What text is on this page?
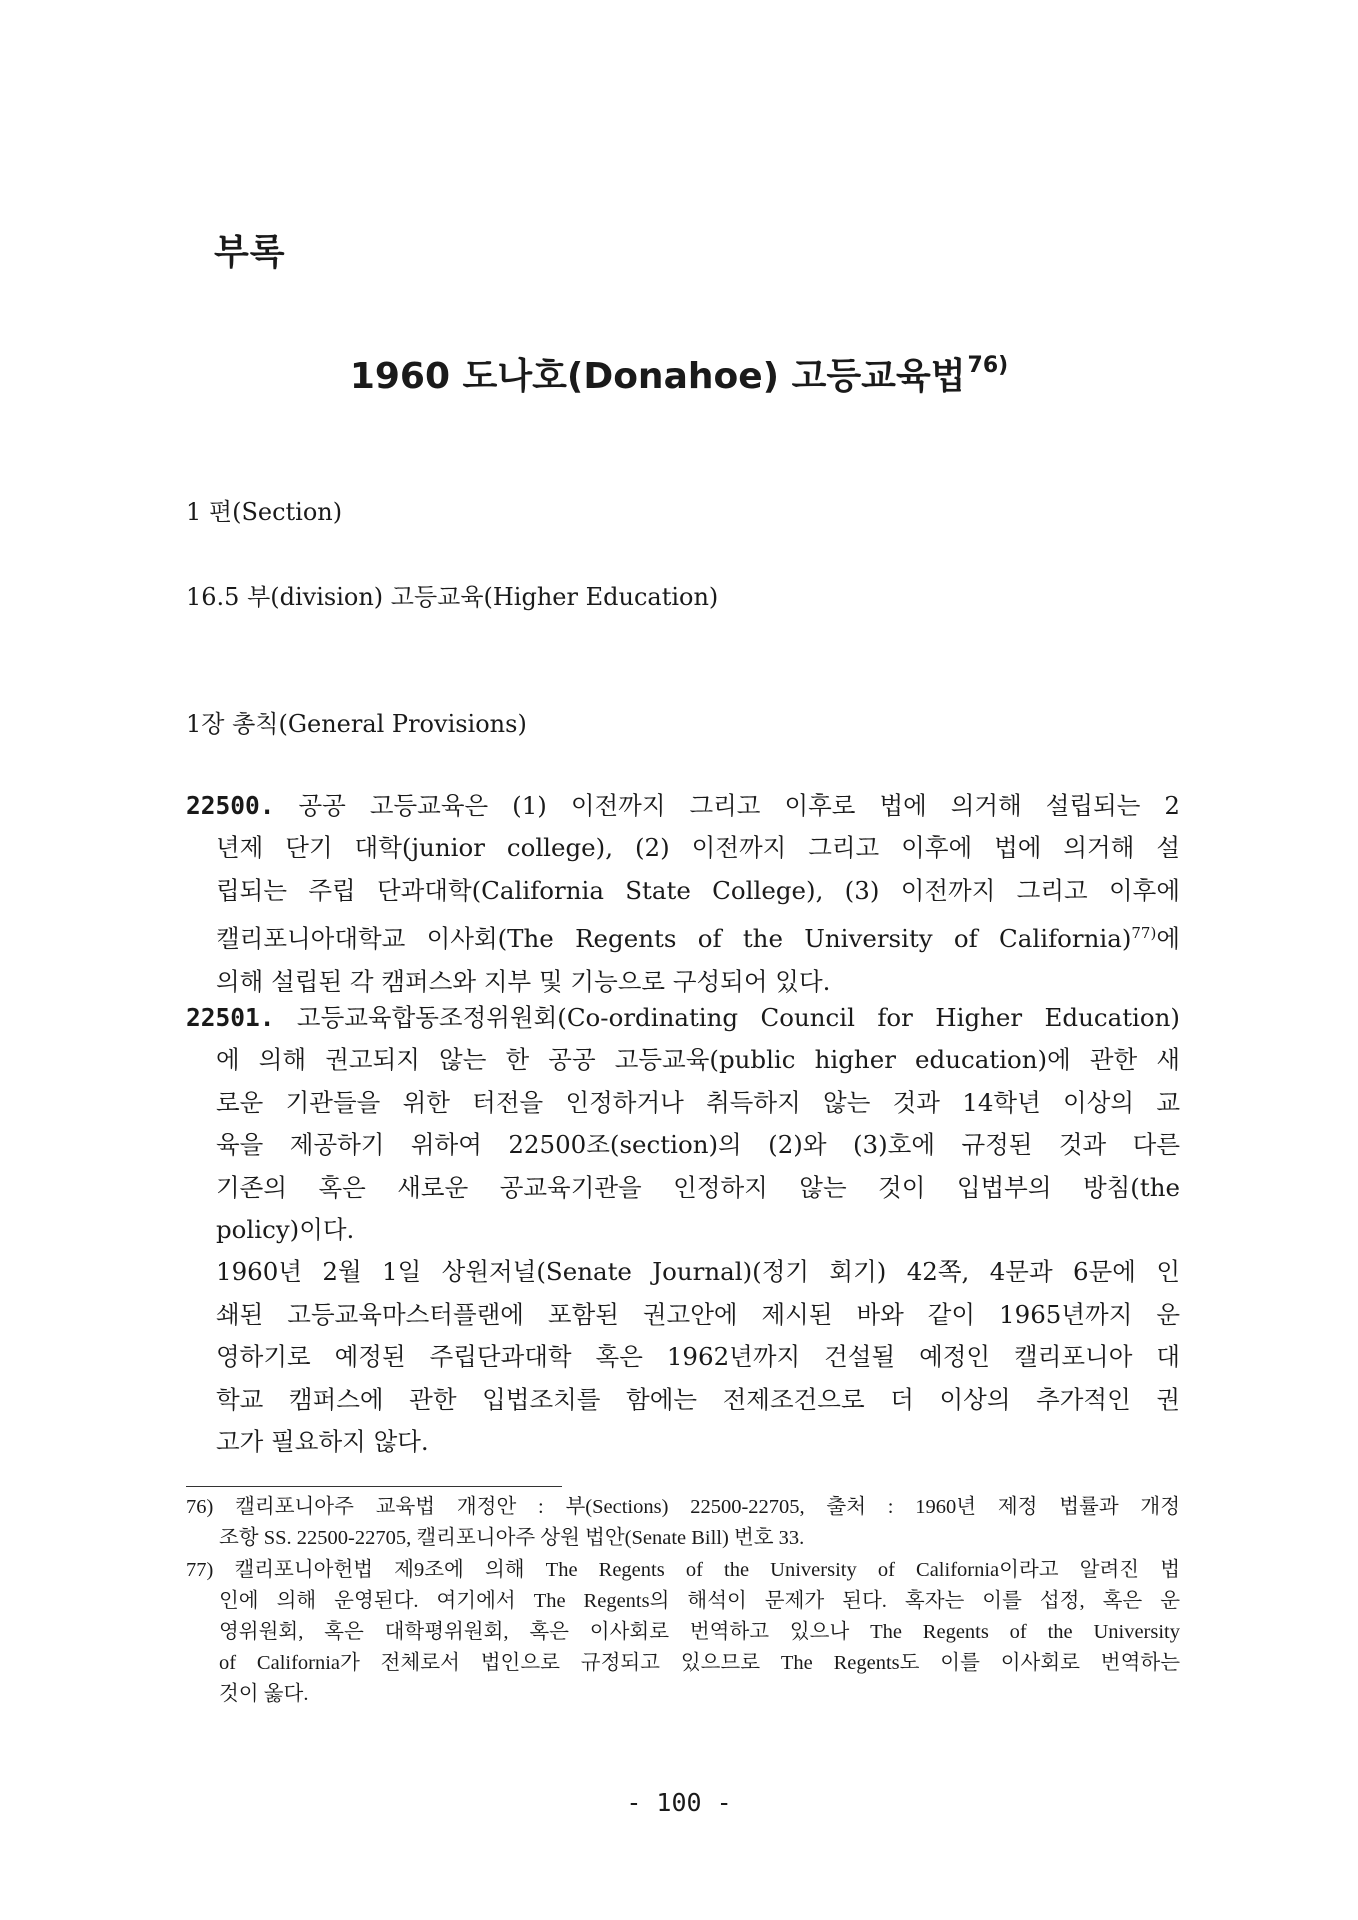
부록
1960 도나호(Donahoe) 고등교육법$^{76)}$
1 편(Section)
16.5 부(division) 고등교육(Higher Education)
1장 총칙(General Provisions)
22500. 공공 고등교육은 (1) 이전까지 그리고 이후로 법에 의거해 설립되는 2
년제 단기 대학(junior college), (2) 이전까지 그리고 이후에 법에 의거해 설
립되는 주립 단과대학(California State College), (3) 이전까지 그리고 이후에
캘리포니아대학교 이사회(The Regents of the University of California)$^{77)}$에
의해 설립된 각 캠퍼스와 지부 및 기능으로 구성되어 있다.
22501. 고등교육합동조정위원회(Co-ordinating Council for Higher Education)
에 의해 권고되지 않는 한 공공 고등교육(public higher education)에 관한 새
로운 기관들을 위한 터전을 인정하거나 취득하지 않는 것과 14학년 이상의 교
육을 제공하기 위하여 22500조(section)의 (2)와 (3)호에 규정된 것과 다른
기존의 혹은 새로운 공교육기관을 인정하지 않는 것이 입법부의 방침(the
policy)이다.
1960년 2월 1일 상원저널(Senate Journal)(정기 회기) 42쪽, 4문과 6문에 인
쇄된 고등교육마스터플랜에 포함된 권고안에 제시된 바와 같이 1965년까지 운
영하기로 예정된 주립단과대학 혹은 1962년까지 건설될 예정인 캘리포니아 대
학교 캠퍼스에 관한 입법조치를 함에는 전제조건으로 더 이상의 추가적인 권
고가 필요하지 않다.
76) 캘리포니아주 교육법 개정안 : 부(Sections) 22500-22705, 출처 : 1960년 제정 법률과 개정
조항 SS. 22500-22705, 캘리포니아주 상원 법안(Senate Bill) 번호 33.
77) 캘리포니아헌법 제9조에 의해 The Regents of the University of California이라고 알려진 법
인에 의해 운영된다. 여기에서 The Regents의 해석이 문제가 된다. 혹자는 이를 섭정, 혹은 운
영위원회, 혹은 대학평위원회, 혹은 이사회로 번역하고 있으나 The Regents of the University
of California가 전체로서 법인으로 규정되고 있으므로 The Regents도 이를 이사회로 번역하는
것이 옳다.
- 100 -
